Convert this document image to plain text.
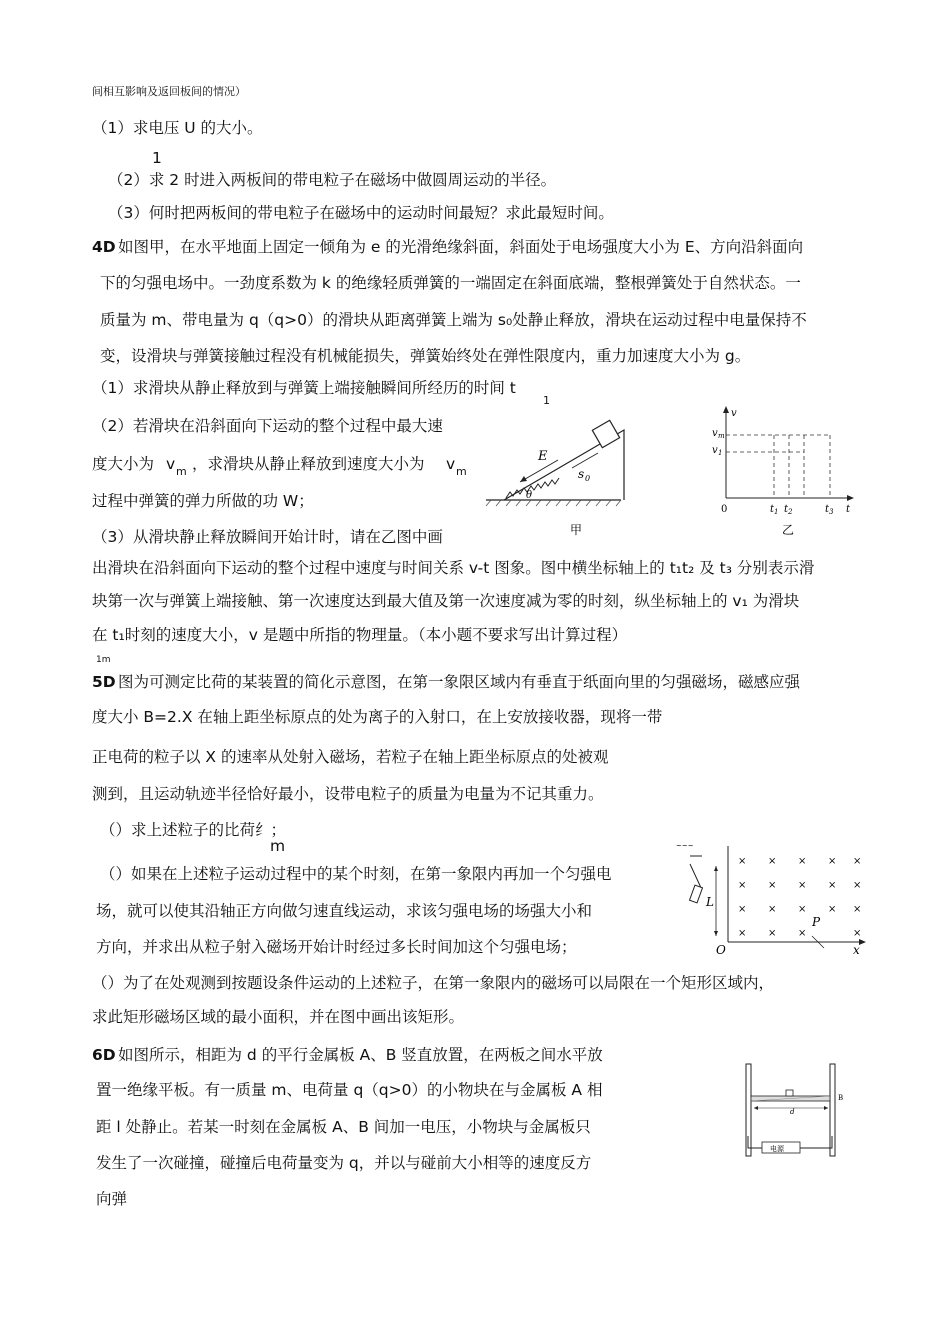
间相互影响及返回板间的情况）
（1）求电压 U 的大小。
1
（2）求 2 时进入两板间的带电粒子在磁场中做圆周运动的半径。
（3）何时把两板间的带电粒子在磁场中的运动时间最短？求此最短时间。
4D 如图甲，在水平地面上固定一倾角为 e 的光滑绝缘斜面，斜面处于电场强度大小为 E、方向沿斜面向
下的匀强电场中。一劲度系数为 k 的绝缘轻质弹簧的一端固定在斜面底端，整根弹簧处于自然状态。一
质量为 m、带电量为 q（q>0）的滑块从距离弹簧上端为 s₀处静止释放，滑块在运动过程中电量保持不
变，设滑块与弹簧接触过程没有机械能损失，弹簧始终处在弹性限度内，重力加速度大小为 g。
（1）求滑块从静止释放到与弹簧上端接触瞬间所经历的时间 t
1
（2）若滑块在沿斜面向下运动的整个过程中最大速
度大小为 v m ，求滑块从静止释放到速度大小为 v m
过程中弹簧的弹力所做的功 W；
（3）从滑块静止释放瞬间开始计时，请在乙图中画
出滑块在沿斜面向下运动的整个过程中速度与时间关系 v-t 图象。图中横坐标轴上的 t₁t₂ 及 t₃ 分别表示滑
块第一次与弹簧上端接触、第一次速度达到最大值及第一次速度减为零的时刻，纵坐标轴上的 v₁ 为滑块
在 t₁时刻的速度大小，v 是题中所指的物理量。（本小题不要求写出计算过程）
1m
E
s 0
θ
甲
v
v m
v 1
0	t 1 t 2	t 3 t
乙
5D 图为可测定比荷的某装置的简化示意图，在第一象限区域内有垂直于纸面向里的匀强磁场，磁感应强
度大小 B=2.X 在轴上距坐标原点的处为离子的入射口，在上安放接收器，现将一带
正电荷的粒子以 X 的速率从处射入磁场，若粒子在轴上距坐标原点的处被观
测到，且运动轨迹半径恰好最小，设带电粒子的质量为电量为不记其重力。
（）求上述粒子的比荷纟；
m
（）如果在上述粒子运动过程中的某个时刻，在第一象限内再加一个匀强电
场，就可以使其沿轴正方向做匀速直线运动，求该匀强电场的场强大小和
方向，并求出从粒子射入磁场开始计时经过多长时间加这个匀强电场；
（）为了在处观测到按题设条件运动的上述粒子，在第一象限内的磁场可以局限在一个矩形区域内，
求此矩形磁场区域的最小面积，并在图中画出该矩形。
~~~
L
O	x
P
× × × × ×
× × × × ×
× × × × ×
× × ×	×
6D 如图所示，相距为 d 的平行金属板 A、B 竖直放置，在两板之间水平放
置一绝缘平板。有一质量 m、电荷量 q（q>0）的小物块在与金属板 A 相
距 l 处静止。若某一时刻在金属板 A、B 间加一电压，小物块与金属板只
发生了一次碰撞，碰撞后电荷量变为 q，并以与碰前大小相等的速度反方
向弹
d
B
电源
